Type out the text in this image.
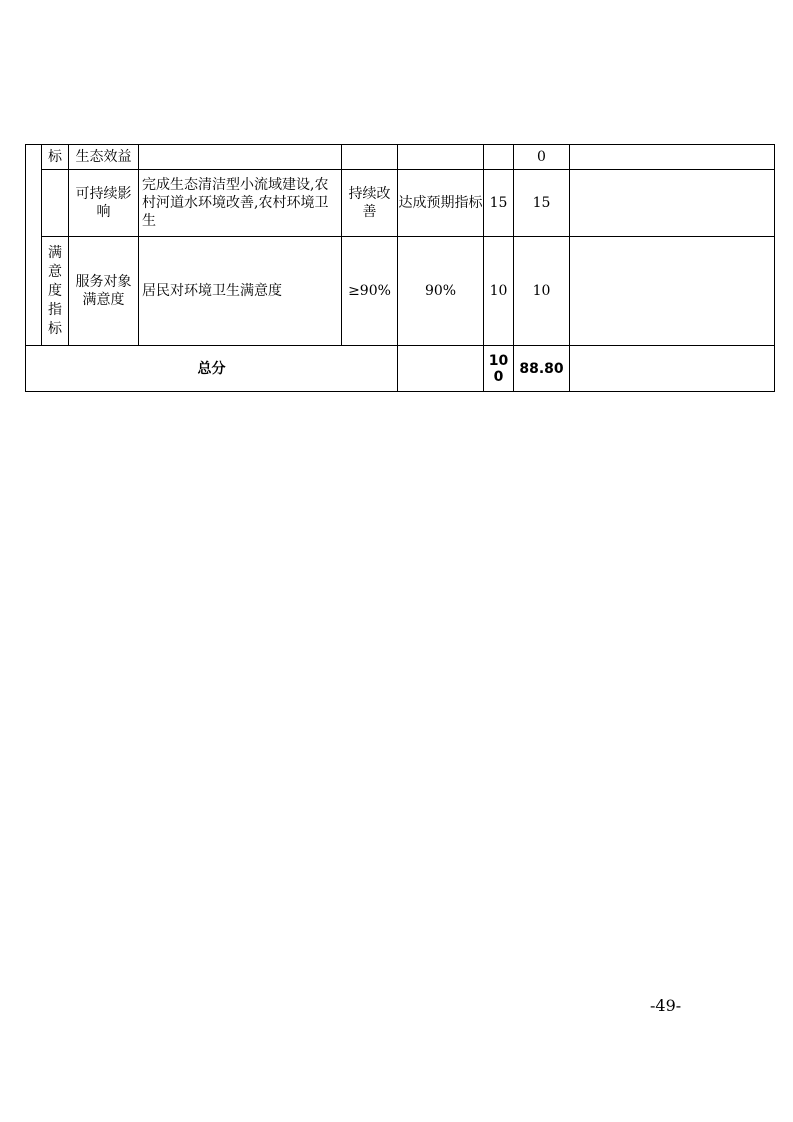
	标	生态效益					0	
		可持续影响	完成生态清洁型小流域建设,农村河道水环境改善,农村环境卫生	持续改善	达成预期指标	15	15	
	满意度指标	服务对象满意度	居民对环境卫生满意度	≥90%	90%	10	10	
总分						100	88.80	
-49-
